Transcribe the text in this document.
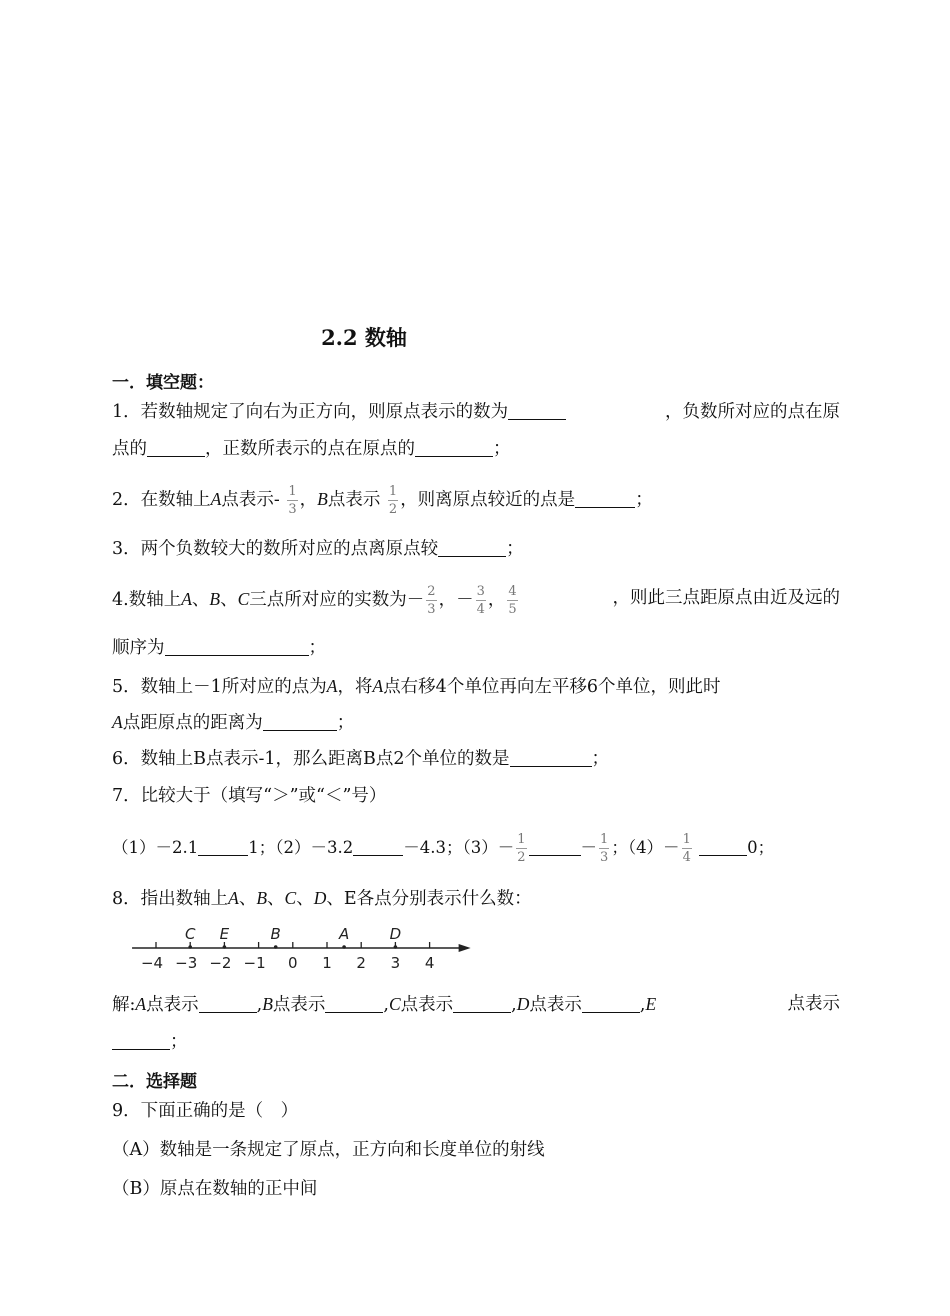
2.2 数轴
一．填空题：
1．若数轴规定了向右为正方向，则原点表示的数为	，负数所对应的点在原
点的	，正数所表示的点在原点的	；
2．在数轴上A点表示- $\frac{1}{3}$ ，B点表示 $\frac{1}{2}$ ，则离原点较近的点是	；
3．两个负数较大的数所对应的点离原点较	；
4.数轴上A、B、C三点所对应的实数为－ $\frac{2}{3}$ ，－ $\frac{3}{4}$ ， $\frac{4}{5}$	，则此三点距原点由近及远的
顺序为	；
5．数轴上－1所对应的点为A，将A点右移4个单位再向左平移6个单位，则此时
A点距原点的距离为	；
6．数轴上B点表示-1，那么距离B点2个单位的数是	；
7．比较大于（填写“＞”或“＜”号）
（1）－2.1	1；（2）－3.2	－4.3；$(3)- \frac{1}{2}$	－ $\frac{1}{3}$ ；$(4)- \frac{1}{4}$	0；
8．指出数轴上A、B、C、D、E各点分别表示什么数：
解:A点表示	,B点表示	,C点表示	,D点表示	,E	点表示
；
二．选择题
9．下面正确的是（　）
（A）数轴是一条规定了原点，正方向和长度单位的射线
（B）原点在数轴的正中间
−4 −3 −2 −1 0 1 2 3 4
C E	B	A	D
